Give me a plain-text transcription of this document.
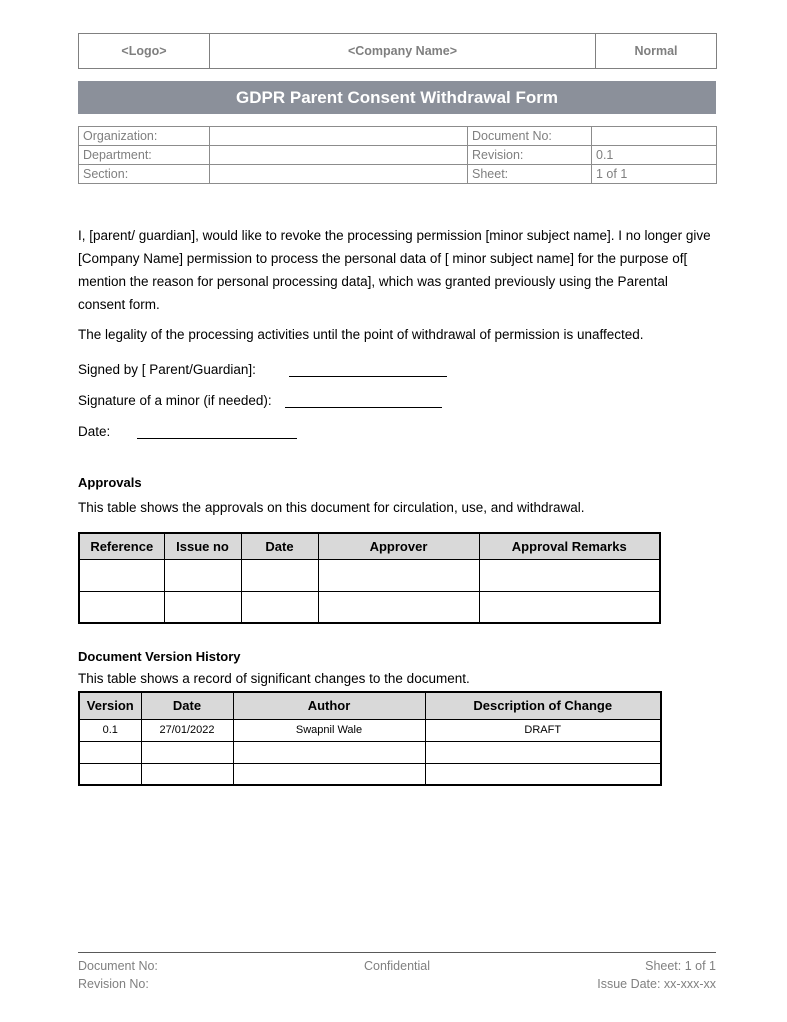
<Logo>	<Company Name>	Normal
GDPR Parent Consent Withdrawal Form
Organization:		Document No:	
Department:		Revision:	0.1
Section:		Sheet:	1 of 1

I, [parent/ guardian], would like to revoke the processing permission [minor subject name]. I no longer give [Company Name] permission to process the personal data of [ minor subject name] for the purpose of[ mention the reason for personal processing data], which was granted previously using the Parental consent form.

The legality of the processing activities until the point of withdrawal of permission is unaffected.

Signed by [ Parent/Guardian]:
Signature of a minor (if needed):
Date:
Approvals

This table shows the approvals on this document for circulation, use, and withdrawal.

Reference	Issue no	Date	Approver	Approval Remarks

Document Version History

This table shows a record of significant changes to the document.

Version	Date	Author	Description of Change
0.1	27/01/2022	Swapnil Wale	DRAFT

Document No:
Revision No:
Confidential	Sheet: 1 of 1
Issue Date: xx-xxx-xx
